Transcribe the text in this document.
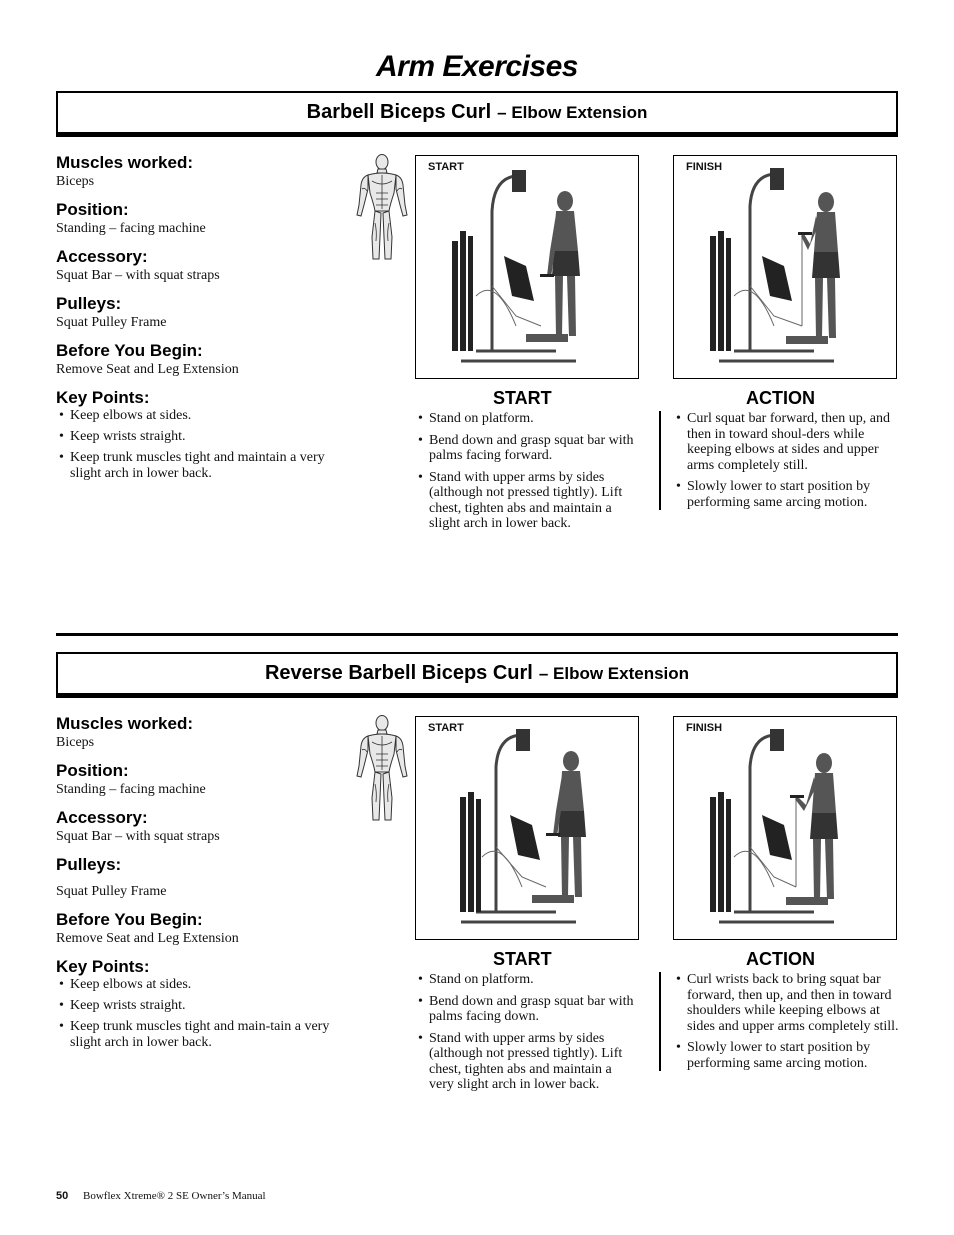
Arm Exercises
Barbell Biceps Curl – Elbow Extension
Muscles worked:
Biceps
Position:
Standing – facing machine
Accessory:
Squat Bar – with squat straps
Pulleys:
Squat Pulley Frame
Before You Begin:
Remove Seat and Leg Extension
Key Points:
• Keep elbows at sides.
• Keep wrists straight.
• Keep trunk muscles tight and maintain a very slight arch in lower back.
START	FINISH
START
• Stand on platform.
• Bend down and grasp squat bar with palms facing forward.
• Stand with upper arms by sides (although not pressed tightly). Lift chest, tighten abs and maintain a slight arch in lower back.
ACTION
• Curl squat bar forward, then up, and then in toward shoul-ders while keeping elbows at sides and upper arms completely still.
• Slowly lower to start position by performing same arcing motion.
Reverse Barbell Biceps Curl – Elbow Extension
Muscles worked:
Biceps
Position:
Standing – facing machine
Accessory:
Squat Bar – with squat straps
Pulleys:
Squat Pulley Frame
Before You Begin:
Remove Seat and Leg Extension
Key Points:
• Keep elbows at sides.
• Keep wrists straight.
• Keep trunk muscles tight and main-tain a very slight arch in lower back.
START	FINISH
START
• Stand on platform.
• Bend down and grasp squat bar with palms facing down.
• Stand with upper arms by sides (although not pressed tightly). Lift chest, tighten abs and maintain a very slight arch in lower back.
ACTION
• Curl wrists back to bring squat bar forward, then up, and then in toward shoulders while keeping elbows at sides and upper arms completely still.
• Slowly lower to start position by performing same arcing motion.
50 Bowflex Xtreme® 2 SE Owner’s Manual
